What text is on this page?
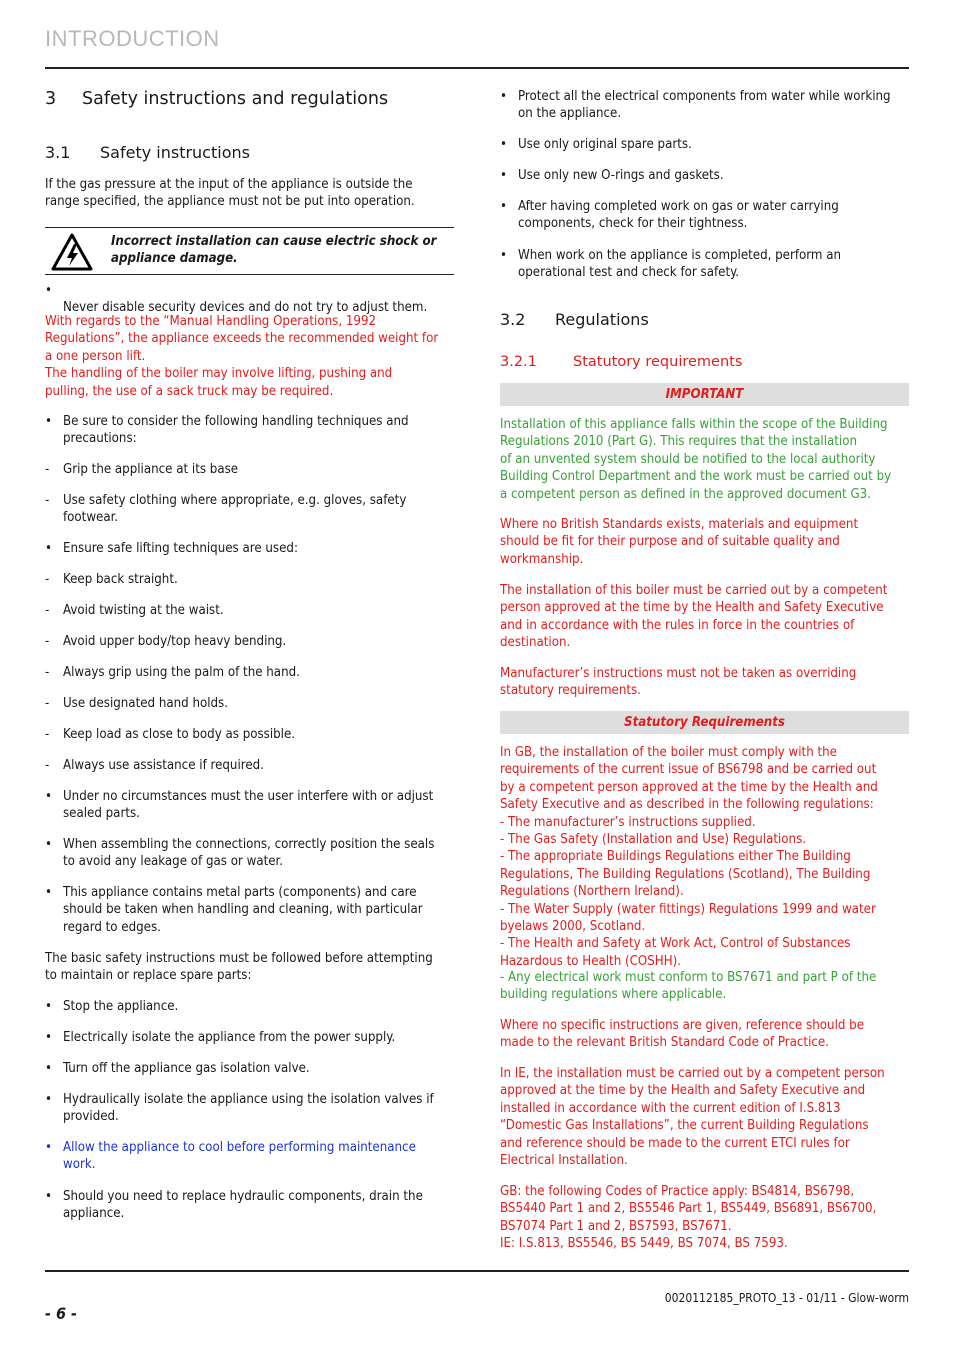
INTRODUCTION
3 Safety instructions and regulations
3.1 Safety instructions
If the gas pressure at the input of the appliance is outside the
range specified, the appliance must not be put into operation.
Incorrect installation can cause electric shock or
appliance damage.

•
Never disable security devices and do not try to adjust them.

With regards to the “Manual Handling Operations, 1992
Regulations”, the appliance exceeds the recommended weight for
a one person lift.
The handling of the boiler may involve lifting, pushing and
pulling, the use of a sack truck may be required.
• Be sure to consider the following handling techniques and
precautions:
- Grip the appliance at its base
- Use safety clothing where appropriate, e.g. gloves, safety
footwear.
• Ensure safe lifting techniques are used:
- Keep back straight.
- Avoid twisting at the waist.
- Avoid upper body/top heavy bending.
- Always grip using the palm of the hand.
- Use designated hand holds.
- Keep load as close to body as possible.
- Always use assistance if required.
• Under no circumstances must the user interfere with or adjust
sealed parts.
• When assembling the connections, correctly position the seals
to avoid any leakage of gas or water.
• This appliance contains metal parts (components) and care
should be taken when handling and cleaning, with particular
regard to edges.
The basic safety instructions must be followed before attempting
to maintain or replace spare parts:
• Stop the appliance.
• Electrically isolate the appliance from the power supply.
• Turn off the appliance gas isolation valve.
• Hydraulically isolate the appliance using the isolation valves if
provided.
• Allow the appliance to cool before performing maintenance
work.
• Should you need to replace hydraulic components, drain the
appliance.
• Protect all the electrical components from water while working
on the appliance.
• Use only original spare parts.
• Use only new O-rings and gaskets.
• After having completed work on gas or water carrying
components, check for their tightness.
• When work on the appliance is completed, perform an
operational test and check for safety.
3.2 Regulations
3.2.1 Statutory requirements
IMPORTANT
Installation of this appliance falls within the scope of the Building
Regulations 2010 (Part G). This requires that the installation
of an unvented system should be notified to the local authority
Building Control Department and the work must be carried out by
a competent person as defined in the approved document G3.
Where no British Standards exists, materials and equipment
should be fit for their purpose and of suitable quality and
workmanship.
The installation of this boiler must be carried out by a competent
person approved at the time by the Health and Safety Executive
and in accordance with the rules in force in the countries of
destination.
Manufacturer’s instructions must not be taken as overriding
statutory requirements.
Statutory Requirements
In GB, the installation of the boiler must comply with the
requirements of the current issue of BS6798 and be carried out
by a competent person approved at the time by the Health and
Safety Executive and as described in the following regulations:
- The manufacturer’s instructions supplied.
- The Gas Safety (Installation and Use) Regulations.
- The appropriate Buildings Regulations either The Building
Regulations, The Building Regulations (Scotland), The Building
Regulations (Northern Ireland).
- The Water Supply (water fittings) Regulations 1999 and water
byelaws 2000, Scotland.
- The Health and Safety at Work Act, Control of Substances
Hazardous to Health (COSHH).
- Any electrical work must conform to BS7671 and part P of the
building regulations where applicable.
Where no specific instructions are given, reference should be
made to the relevant British Standard Code of Practice.
In IE, the installation must be carried out by a competent person
approved at the time by the Health and Safety Executive and
installed in accordance with the current edition of I.S.813
“Domestic Gas Installations”, the current Building Regulations
and reference should be made to the current ETCI rules for
Electrical Installation.
GB: the following Codes of Practice apply: BS4814, BS6798,
BS5440 Part 1 and 2, BS5546 Part 1, BS5449, BS6891, BS6700,
BS7074 Part 1 and 2, BS7593, BS7671.
IE: I.S.813, BS5546, BS 5449, BS 7074, BS 7593.
0020112185_PROTO_13 - 01/11 - Glow-worm
- 6 -
